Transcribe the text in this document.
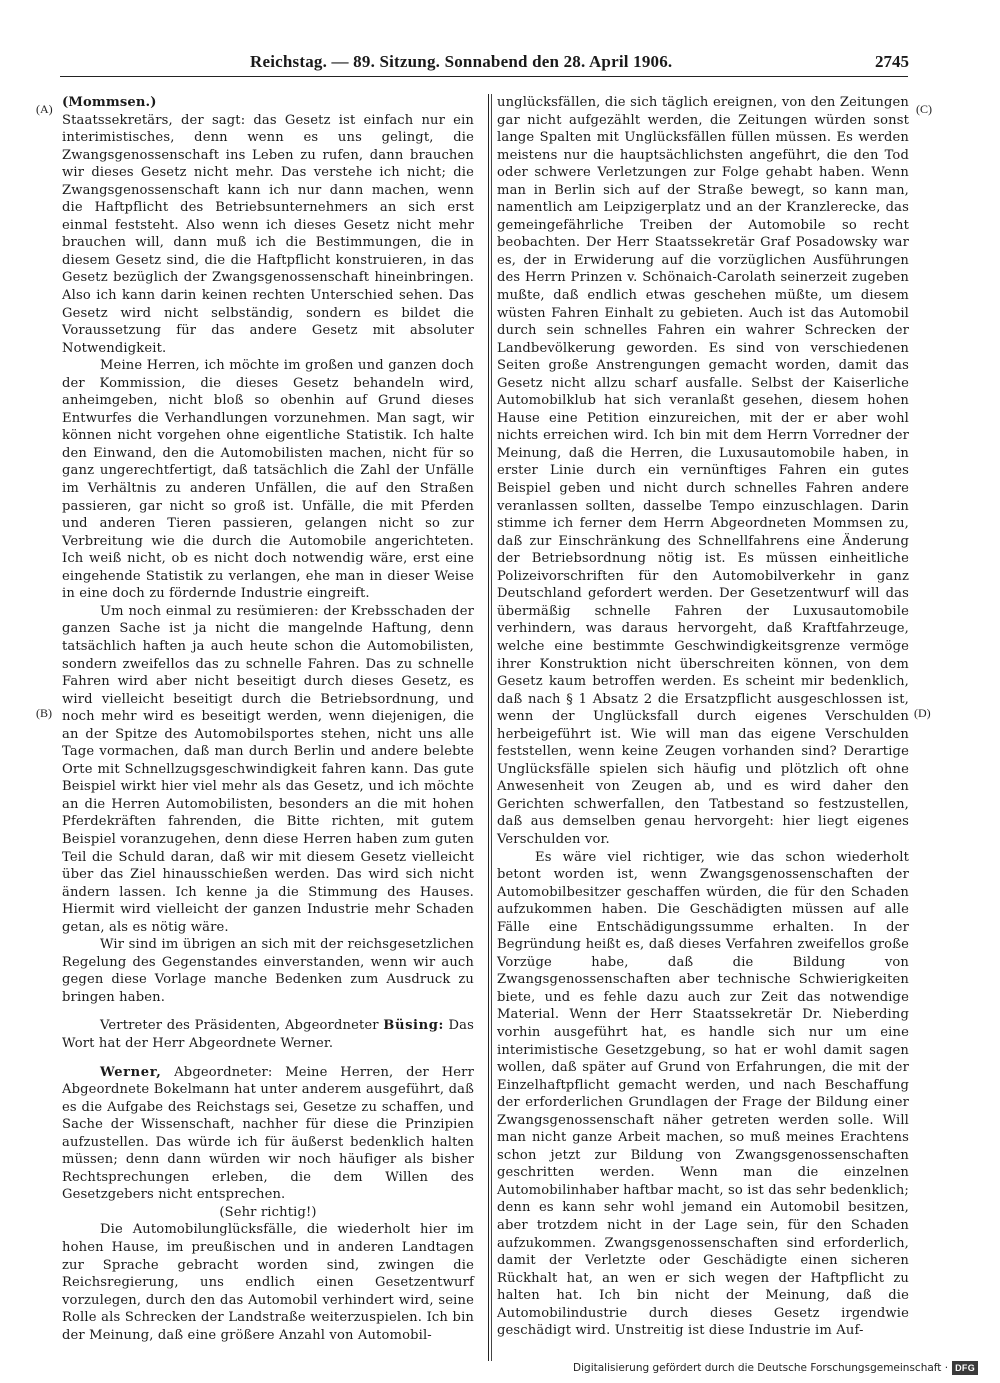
Reichstag. — 89. Sitzung. Sonnabend den 28. April 1906.	2745
(A)
(B)
(C)
(D)

(Mommsen.)

Staatssekretärs, der sagt: das Gesetz ist einfach nur ein interimistisches, denn wenn es uns gelingt, die Zwangsgenossenschaft ins Leben zu rufen, dann brauchen wir dieses Gesetz nicht mehr. Das verstehe ich nicht; die Zwangsgenossenschaft kann ich nur dann machen, wenn die Haftpflicht des Betriebsunternehmers an sich erst einmal feststeht. Also wenn ich dieses Gesetz nicht mehr brauchen will, dann muß ich die Bestimmungen, die in diesem Gesetz sind, die die Haftpflicht konstruieren, in das Gesetz bezüglich der Zwangsgenossenschaft hineinbringen. Also ich kann darin keinen rechten Unterschied sehen. Das Gesetz wird nicht selbständig, sondern es bildet die Voraussetzung für das andere Gesetz mit absoluter Notwendigkeit.

Meine Herren, ich möchte im großen und ganzen doch der Kommission, die dieses Gesetz behandeln wird, anheimgeben, nicht bloß so obenhin auf Grund dieses Entwurfes die Verhandlungen vorzunehmen. Man sagt, wir können nicht vorgehen ohne eigentliche Statistik. Ich halte den Einwand, den die Automobilisten machen, nicht für so ganz ungerechtfertigt, daß tatsächlich die Zahl der Unfälle im Verhältnis zu anderen Unfällen, die auf den Straßen passieren, gar nicht so groß ist. Unfälle, die mit Pferden und anderen Tieren passieren, gelangen nicht so zur Verbreitung wie die durch die Automobile angerichteten. Ich weiß nicht, ob es nicht doch notwendig wäre, erst eine eingehende Statistik zu verlangen, ehe man in dieser Weise in eine doch zu fördernde Industrie eingreift.

Um noch einmal zu resümieren: der Krebsschaden der ganzen Sache ist ja nicht die mangelnde Haftung, denn tatsächlich haften ja auch heute schon die Automobilisten, sondern zweifellos das zu schnelle Fahren. Das zu schnelle Fahren wird aber nicht beseitigt durch dieses Gesetz, es wird vielleicht beseitigt durch die Betriebsordnung, und noch mehr wird es beseitigt werden, wenn diejenigen, die an der Spitze des Automobilsportes stehen, nicht uns alle Tage vormachen, daß man durch Berlin und andere belebte Orte mit Schnellzugsgeschwindigkeit fahren kann. Das gute Beispiel wirkt hier viel mehr als das Gesetz, und ich möchte an die Herren Automobilisten, besonders an die mit hohen Pferdekräften fahrenden, die Bitte richten, mit gutem Beispiel voranzugehen, denn diese Herren haben zum guten Teil die Schuld daran, daß wir mit diesem Gesetz vielleicht über das Ziel hinausschießen werden. Das wird sich nicht ändern lassen. Ich kenne ja die Stimmung des Hauses. Hiermit wird vielleicht der ganzen Industrie mehr Schaden getan, als es nötig wäre.

Wir sind im übrigen an sich mit der reichsgesetzlichen Regelung des Gegenstandes einverstanden, wenn wir auch gegen diese Vorlage manche Bedenken zum Ausdruck zu bringen haben.

Vertreter des Präsidenten, Abgeordneter Büsing: Das Wort hat der Herr Abgeordnete Werner.

Werner, Abgeordneter: Meine Herren, der Herr Abgeordnete Bokelmann hat unter anderem ausgeführt, daß es die Aufgabe des Reichstags sei, Gesetze zu schaffen, und Sache der Wissenschaft, nachher für diese die Prinzipien aufzustellen. Das würde ich für äußerst bedenklich halten müssen; denn dann würden wir noch häufiger als bisher Rechtsprechungen erleben, die dem Willen des Gesetzgebers nicht entsprechen.

(Sehr richtig!)

Die Automobilunglücksfälle, die wiederholt hier im hohen Hause, im preußischen und in anderen Landtagen zur Sprache gebracht worden sind, zwingen die Reichsregierung, uns endlich einen Gesetzentwurf vorzulegen, durch den das Automobil verhindert wird, seine Rolle als Schrecken der Landstraße weiterzuspielen. Ich bin der Meinung, daß eine größere Anzahl von Automobil-

unglücksfällen, die sich täglich ereignen, von den Zeitungen gar nicht aufgezählt werden, die Zeitungen würden sonst lange Spalten mit Unglücksfällen füllen müssen. Es werden meistens nur die hauptsächlichsten angeführt, die den Tod oder schwere Verletzungen zur Folge gehabt haben. Wenn man in Berlin sich auf der Straße bewegt, so kann man, namentlich am Leipzigerplatz und an der Kranzlerecke, das gemeingefährliche Treiben der Automobile so recht beobachten. Der Herr Staatssekretär Graf Posadowsky war es, der in Erwiderung auf die vorzüglichen Ausführungen des Herrn Prinzen v. Schönaich-Carolath seinerzeit zugeben mußte, daß endlich etwas geschehen müßte, um diesem wüsten Fahren Einhalt zu gebieten. Auch ist das Automobil durch sein schnelles Fahren ein wahrer Schrecken der Landbevölkerung geworden. Es sind von verschiedenen Seiten große Anstrengungen gemacht worden, damit das Gesetz nicht allzu scharf ausfalle. Selbst der Kaiserliche Automobilklub hat sich veranlaßt gesehen, diesem hohen Hause eine Petition einzureichen, mit der er aber wohl nichts erreichen wird. Ich bin mit dem Herrn Vorredner der Meinung, daß die Herren, die Luxusautomobile haben, in erster Linie durch ein vernünftiges Fahren ein gutes Beispiel geben und nicht durch schnelles Fahren andere veranlassen sollten, dasselbe Tempo einzuschlagen. Darin stimme ich ferner dem Herrn Abgeordneten Mommsen zu, daß zur Einschränkung des Schnellfahrens eine Änderung der Betriebsordnung nötig ist. Es müssen einheitliche Polizeivorschriften für den Automobilverkehr in ganz Deutschland gefordert werden. Der Gesetzentwurf will das übermäßig schnelle Fahren der Luxusautomobile verhindern, was daraus hervorgeht, daß Kraftfahrzeuge, welche eine bestimmte Geschwindigkeitsgrenze vermöge ihrer Konstruktion nicht überschreiten können, von dem Gesetz kaum betroffen werden. Es scheint mir bedenklich, daß nach § 1 Absatz 2 die Ersatzpflicht ausgeschlossen ist, wenn der Unglücksfall durch eigenes Verschulden herbeigeführt ist. Wie will man das eigene Verschulden feststellen, wenn keine Zeugen vorhanden sind? Derartige Unglücksfälle spielen sich häufig und plötzlich oft ohne Anwesenheit von Zeugen ab, und es wird daher den Gerichten schwerfallen, den Tatbestand so festzustellen, daß aus demselben genau hervorgeht: hier liegt eigenes Verschulden vor.

Es wäre viel richtiger, wie das schon wiederholt betont worden ist, wenn Zwangsgenossenschaften der Automobilbesitzer geschaffen würden, die für den Schaden aufzukommen haben. Die Geschädigten müssen auf alle Fälle eine Entschädigungssumme erhalten. In der Begründung heißt es, daß dieses Verfahren zweifellos große Vorzüge habe, daß die Bildung von Zwangsgenossenschaften aber technische Schwierigkeiten biete, und es fehle dazu auch zur Zeit das notwendige Material. Wenn der Herr Staatssekretär Dr. Nieberding vorhin ausgeführt hat, es handle sich nur um eine interimistische Gesetzgebung, so hat er wohl damit sagen wollen, daß später auf Grund von Erfahrungen, die mit der Einzelhaftpflicht gemacht werden, und nach Beschaffung der erforderlichen Grundlagen der Frage der Bildung einer Zwangsgenossenschaft näher getreten werden solle. Will man nicht ganze Arbeit machen, so muß meines Erachtens schon jetzt zur Bildung von Zwangsgenossenschaften geschritten werden. Wenn man die einzelnen Automobilinhaber haftbar macht, so ist das sehr bedenklich; denn es kann sehr wohl jemand ein Automobil besitzen, aber trotzdem nicht in der Lage sein, für den Schaden aufzukommen. Zwangsgenossenschaften sind erforderlich, damit der Verletzte oder Geschädigte einen sicheren Rückhalt hat, an wen er sich wegen der Haftpflicht zu halten hat. Ich bin nicht der Meinung, daß die Automobilindustrie durch dieses Gesetz irgendwie geschädigt wird. Unstreitig ist diese Industrie im Auf-

Digitalisierung gefördert durch die Deutsche Forschungsgemeinschaft · DFG
